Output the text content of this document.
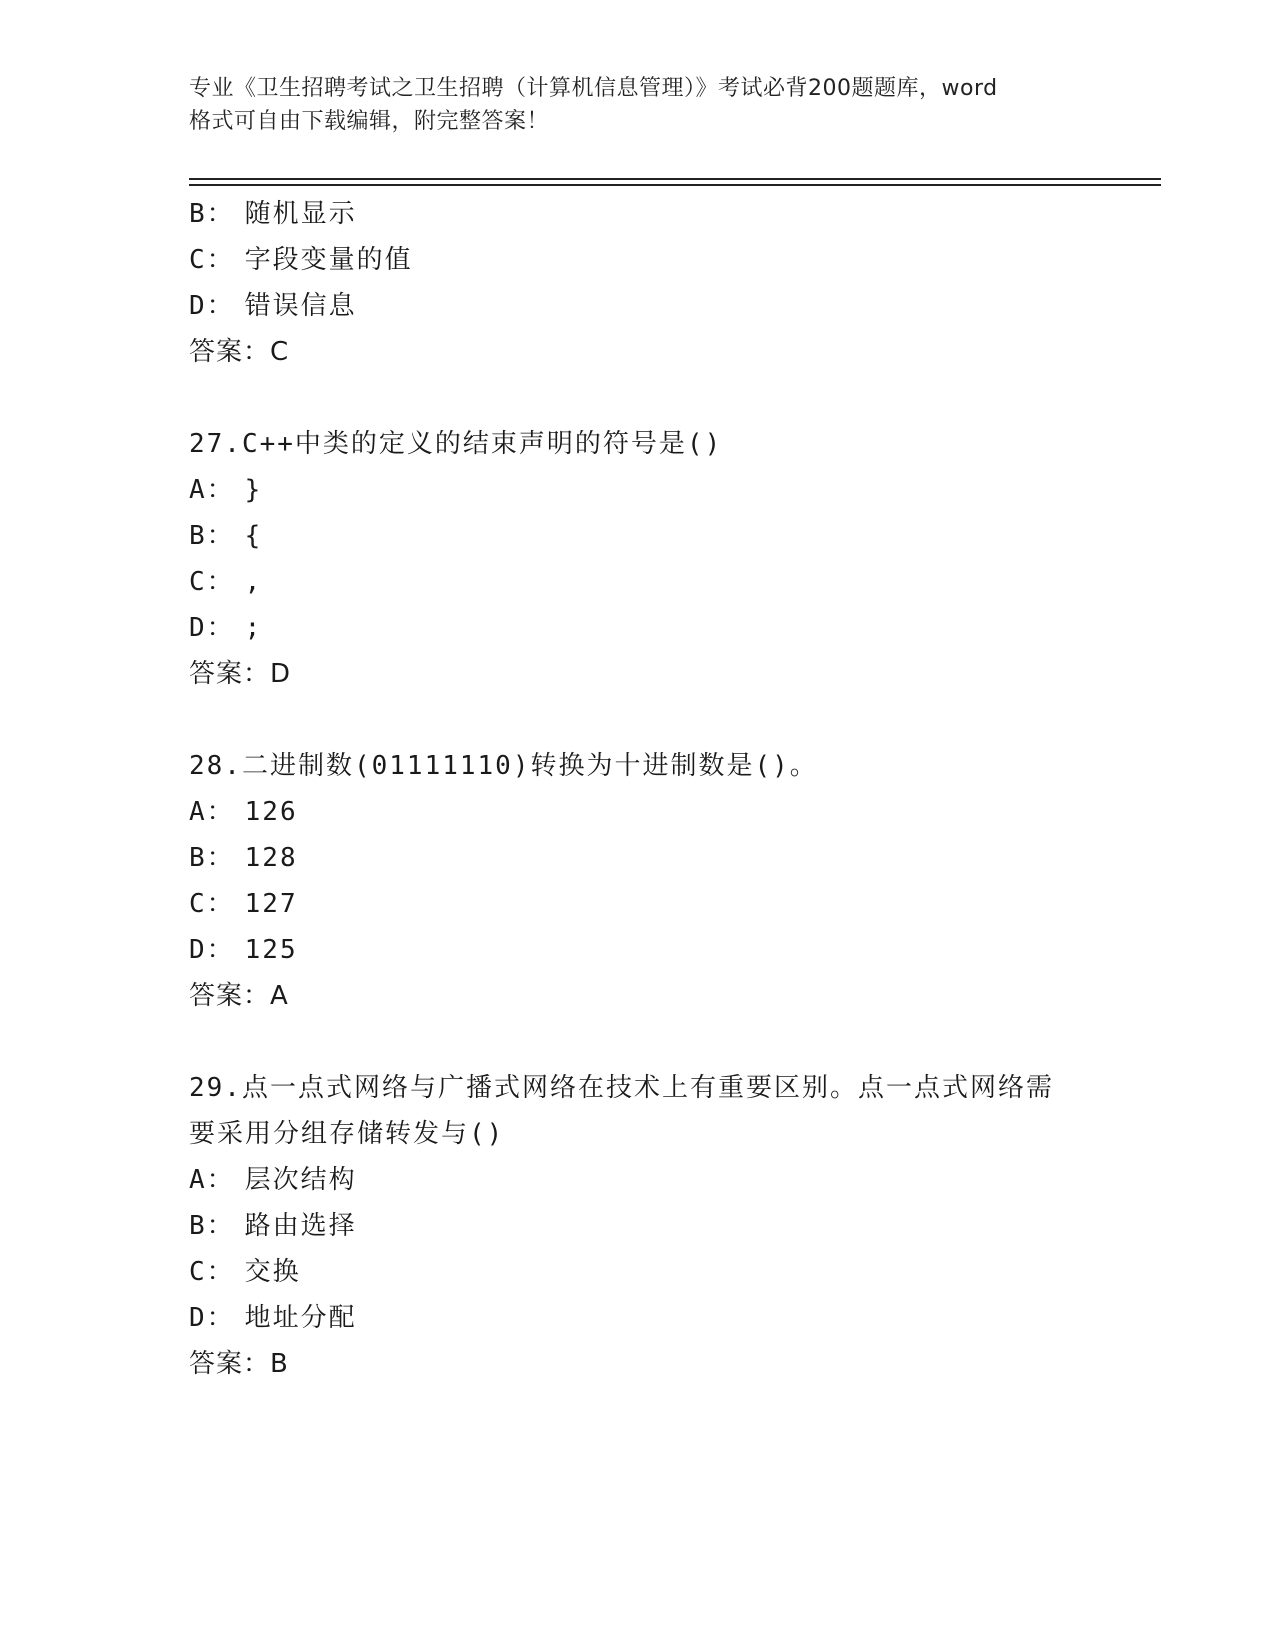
专业《卫生招聘考试之卫生招聘（计算机信息管理）》考试必背200题题库，word
格式可自由下载编辑，附完整答案！
B： 随机显示
C： 字段变量的值
D： 错误信息
答案：C
27.C++中类的定义的结束声明的符号是()
A： }
B： {
C： ,
D： ;
答案：D
28.二进制数(01111110)转换为十进制数是()。
A： 126
B： 128
C： 127
D： 125
答案：A
29.点一点式网络与广播式网络在技术上有重要区别。点一点式网络需要采用分组存储转发与()
A： 层次结构
B： 路由选择
C： 交换
D： 地址分配
答案：B
